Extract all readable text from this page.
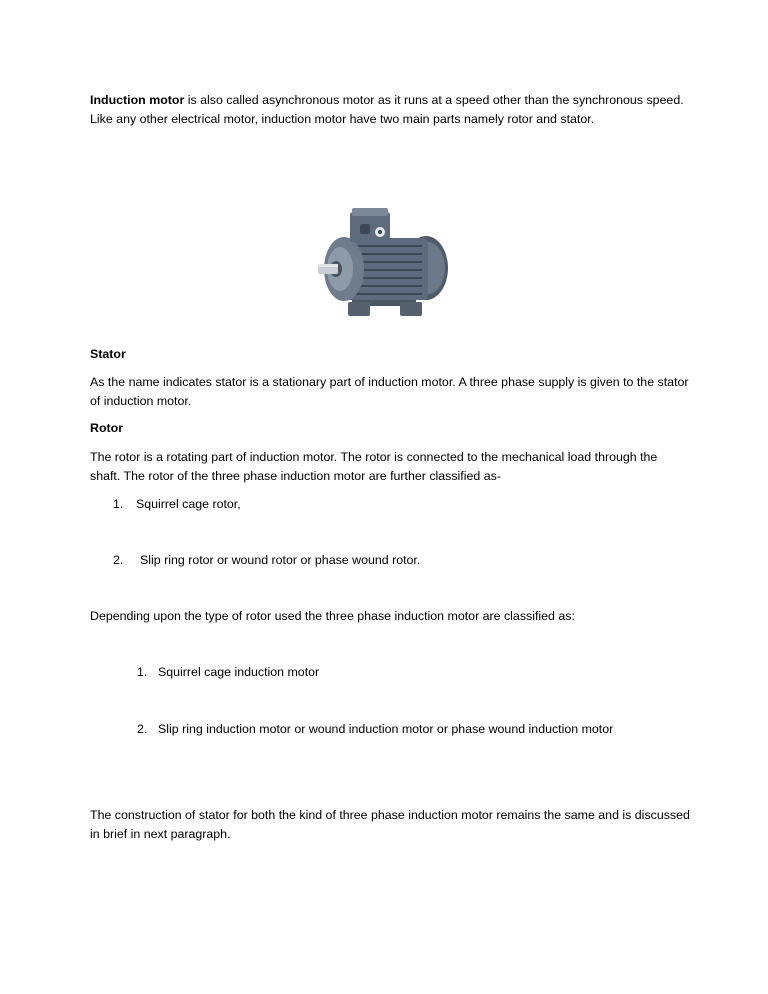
Induction motor is also called asynchronous motor as it runs at a speed other than the synchronous speed. Like any other electrical motor, induction motor have two main parts namely rotor and stator.

Stator

As the name indicates stator is a stationary part of induction motor. A three phase supply is given to the stator of induction motor.

Rotor

The rotor is a rotating part of induction motor. The rotor is connected to the mechanical load through the shaft. The rotor of the three phase induction motor are further classified as-

1. Squirrel cage rotor,
2. Slip ring rotor or wound rotor or phase wound rotor.

Depending upon the type of rotor used the three phase induction motor are classified as:

1. Squirrel cage induction motor
2. Slip ring induction motor or wound induction motor or phase wound induction motor

The construction of stator for both the kind of three phase induction motor remains the same and is discussed in brief in next paragraph.
